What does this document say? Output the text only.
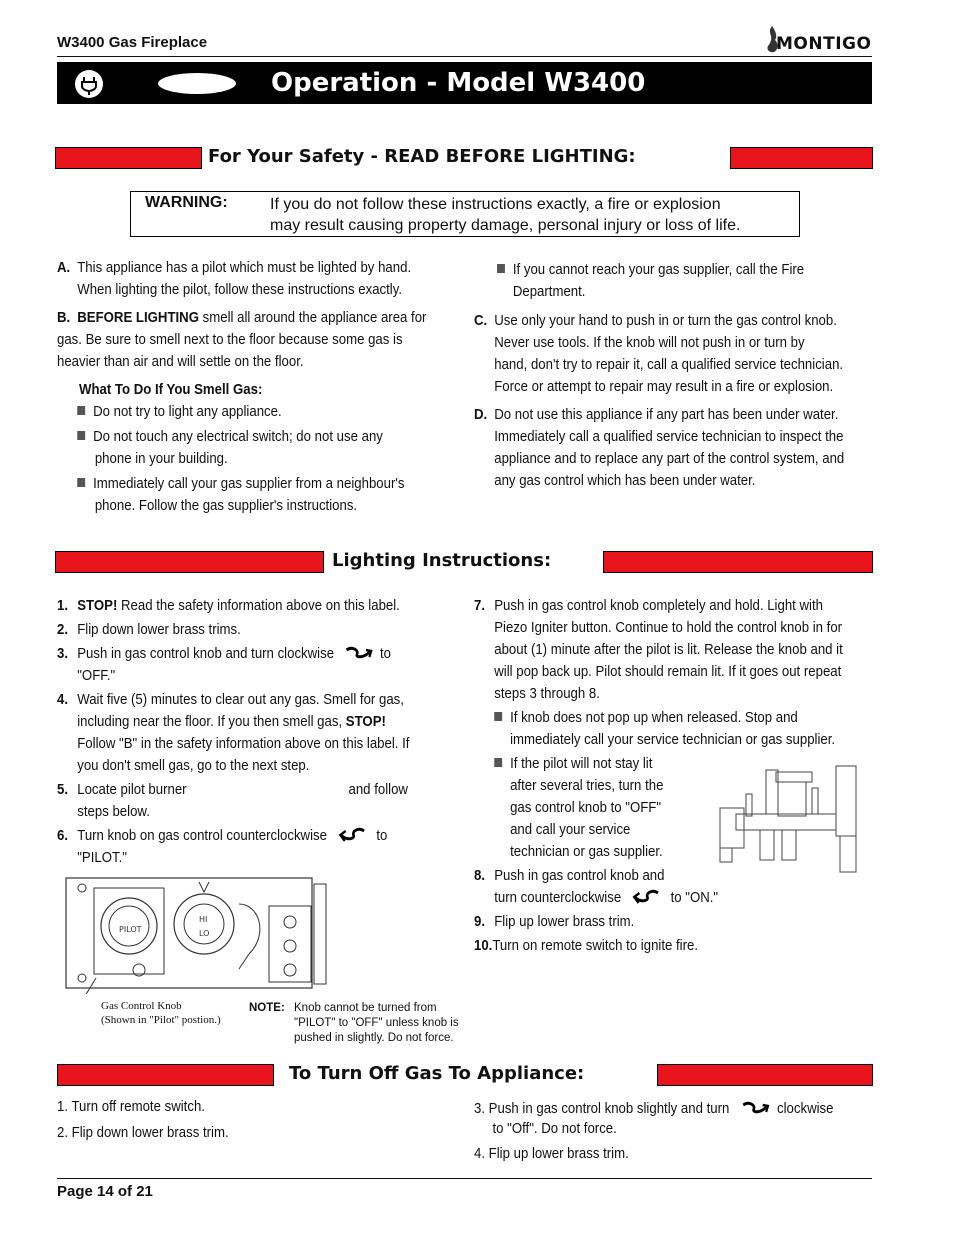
W3400 Gas Fireplace	MONTIGO
Operation - Model W3400
For Your Safety - READ BEFORE LIGHTING:
WARNING:	If you do not follow these instructions exactly, a fire or explosion
may result causing property damage, personal injury or loss of life.
A. This appliance has a pilot which must be lighted by hand.
When lighting the pilot, follow these instructions exactly.
B. BEFORE LIGHTING smell all around the appliance area for
gas. Be sure to smell next to the floor because some gas is
heavier than air and will settle on the floor.
What To Do If You Smell Gas:
Do not try to light any appliance.
Do not touch any electrical switch; do not use any
phone in your building.
Immediately call your gas supplier from a neighbour's
phone. Follow the gas supplier's instructions.
If you cannot reach your gas supplier, call the Fire
Department.
C. Use only your hand to push in or turn the gas control knob.
Never use tools. If the knob will not push in or turn by
hand, don't try to repair it, call a qualified service technician.
Force or attempt to repair may result in a fire or explosion.
D. Do not use this appliance if any part has been under water.
Immediately call a qualified service technician to inspect the
appliance and to replace any part of the control system, and
any gas control which has been under water.
Lighting Instructions:
1. STOP! Read the safety information above on this label.
2. Flip down lower brass trims.
3. Push in gas control knob and turn clockwise	to
"OFF."
4. Wait five (5) minutes to clear out any gas. Smell for gas,
including near the floor. If you then smell gas, STOP!
Follow "B" in the safety information above on this label. If
you don't smell gas, go to the next step.
5. Locate pilot burner	and follow
steps below.
6. Turn knob on gas control counterclockwise	to
"PILOT."
PILOT
HI
LO
Gas Control Knob
(Shown in "Pilot" postion.)
NOTE: Knob cannot be turned from
"PILOT" to "OFF" unless knob is
pushed in slightly. Do not force.
7. Push in gas control knob completely and hold. Light with
Piezo Igniter button. Continue to hold the control knob in for
about (1) minute after the pilot is lit. Release the knob and it
will pop back up. Pilot should remain lit. If it goes out repeat
steps 3 through 8.
If knob does not pop up when released. Stop and
immediately call your service technician or gas supplier.
If the pilot will not stay lit
after several tries, turn the
gas control knob to "OFF"
and call your service
technician or gas supplier.
8. Push in gas control knob and
turn counterclockwise	to "ON."
9. Flip up lower brass trim.
10.Turn on remote switch to ignite fire.
To Turn Off Gas To Appliance:
1. Turn off remote switch.
2. Flip down lower brass trim.
3. Push in gas control knob slightly and turn	clockwise
to "Off". Do not force.
4. Flip up lower brass trim.
Page 14 of 21
